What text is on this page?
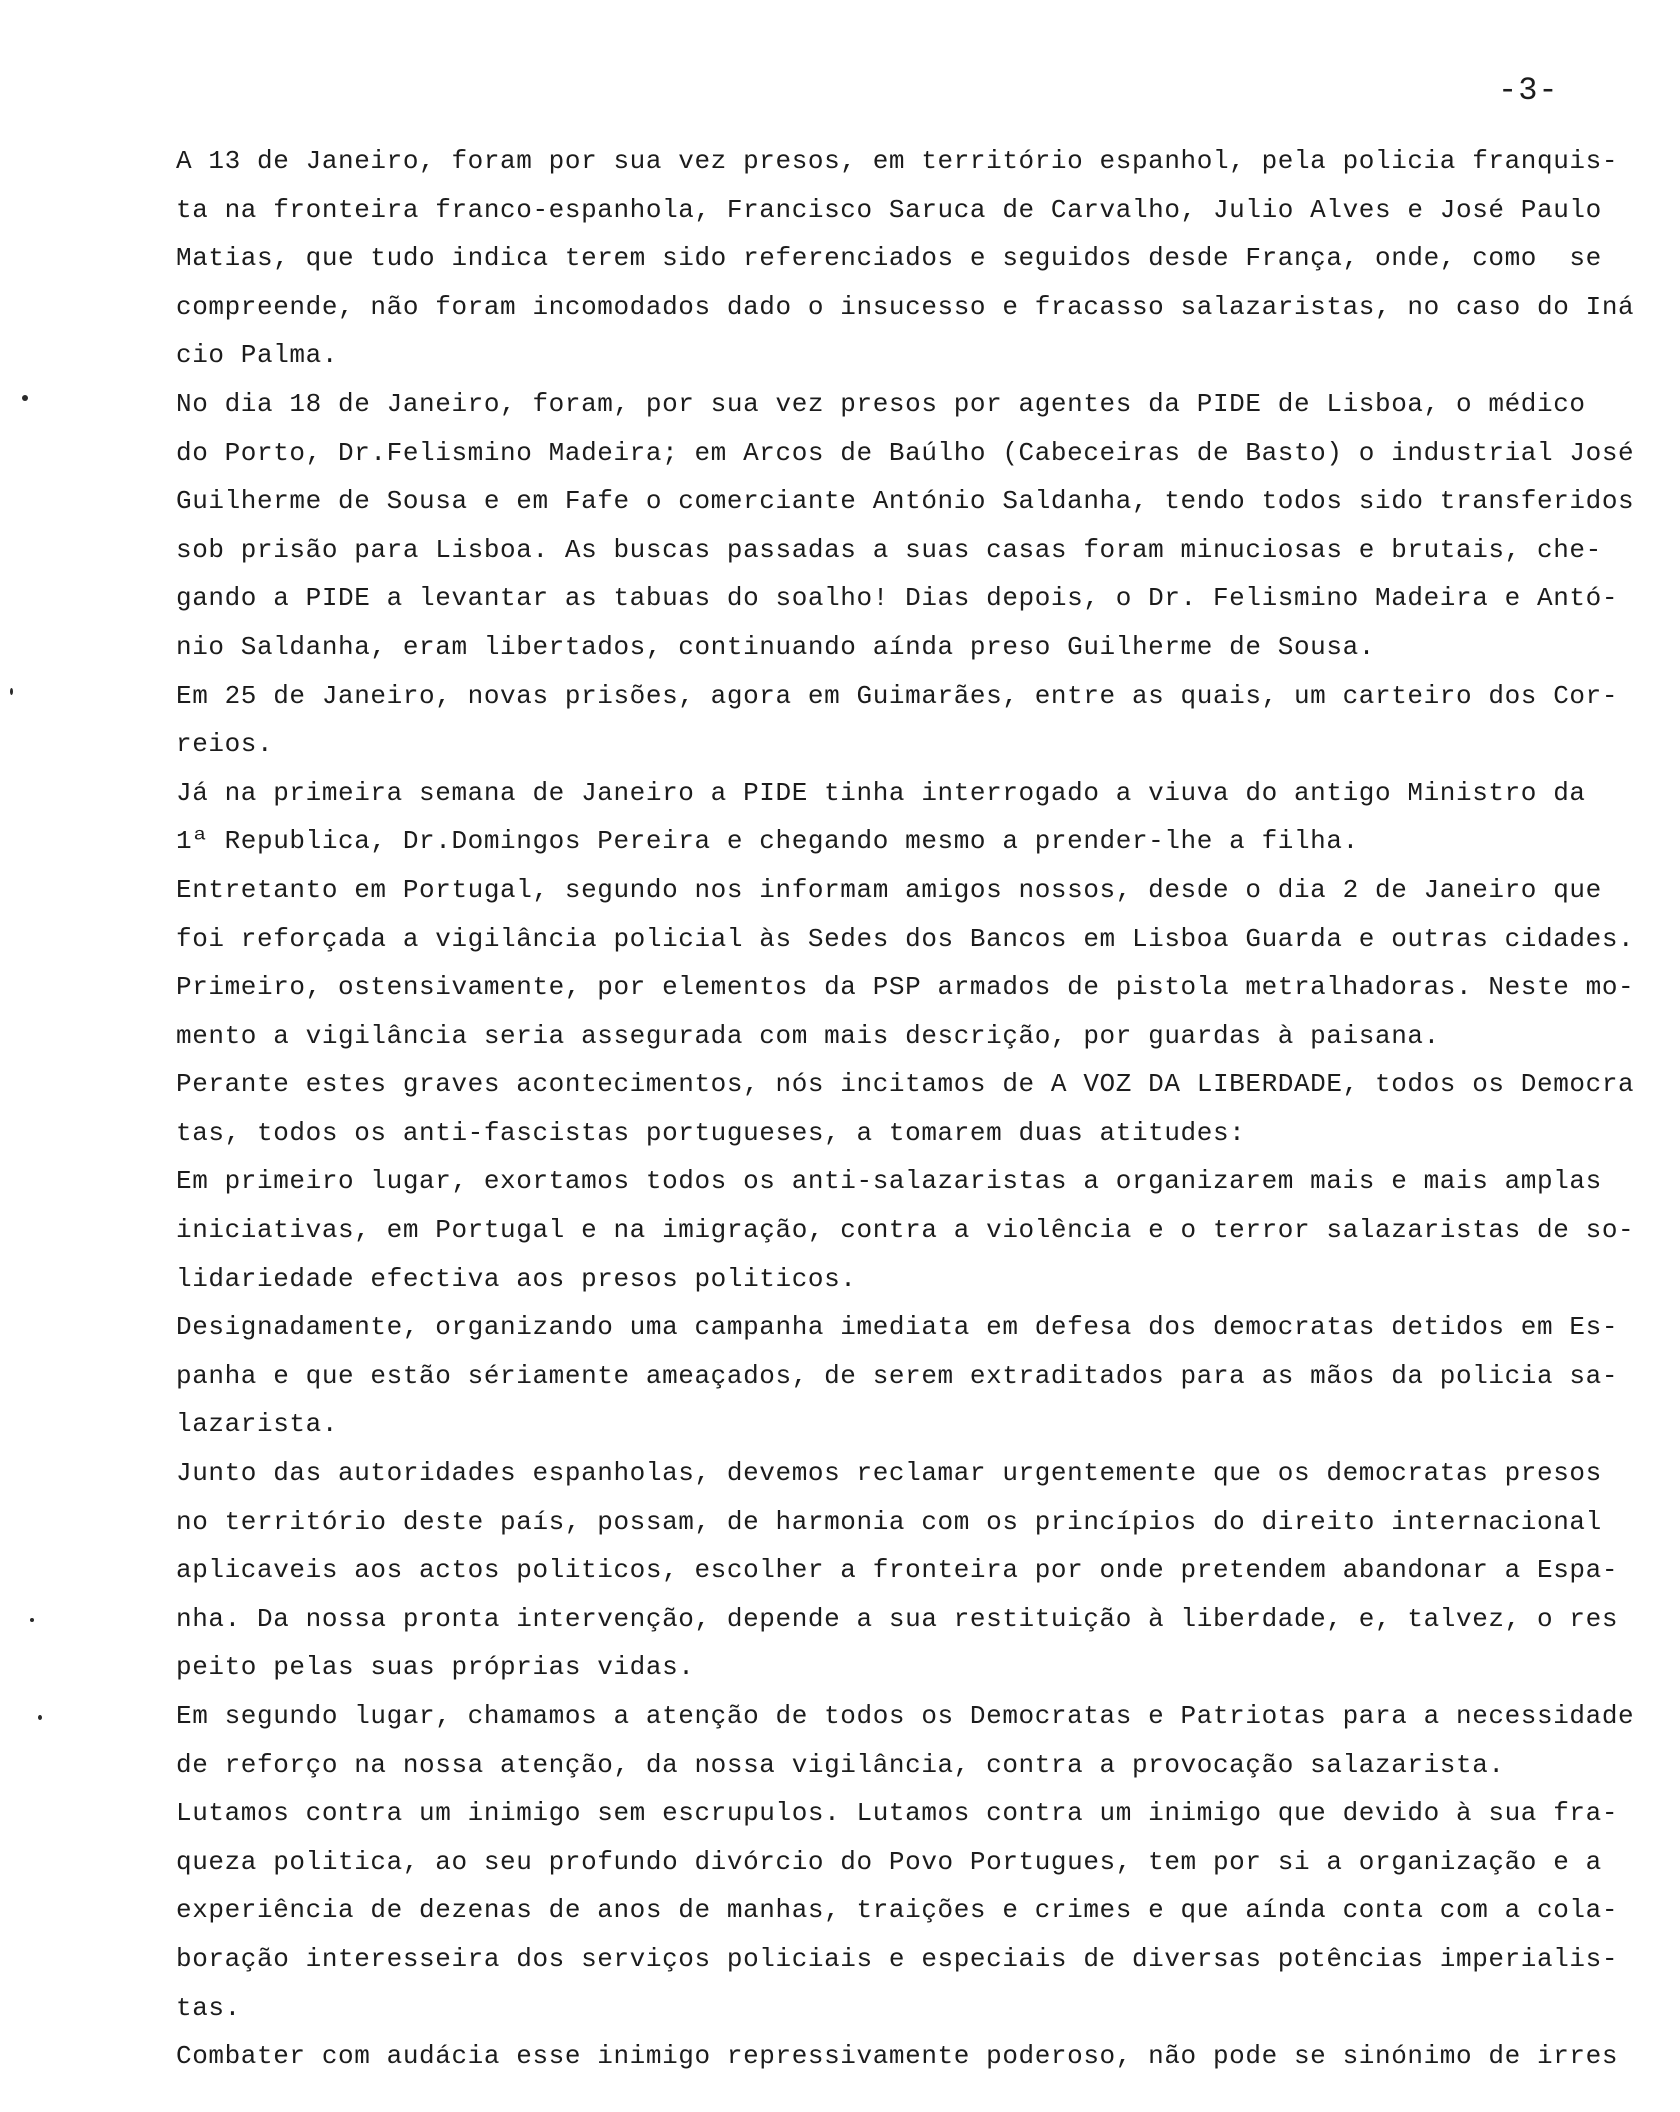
-3-
A 13 de Janeiro, foram por sua vez presos, em território espanhol, pela policia franquis-
ta na fronteira franco-espanhola, Francisco Saruca de Carvalho, Julio Alves e José Paulo
Matias, que tudo indica terem sido referenciados e seguidos desde França, onde, como  se
compreende, não foram incomodados dado o insucesso e fracasso salazaristas, no caso do Iná
cio Palma.
No dia 18 de Janeiro, foram, por sua vez presos por agentes da PIDE de Lisboa, o médico
do Porto, Dr.Felismino Madeira; em Arcos de Baúlho (Cabeceiras de Basto) o industrial José
Guilherme de Sousa e em Fafe o comerciante António Saldanha, tendo todos sido transferidos
sob prisão para Lisboa. As buscas passadas a suas casas foram minuciosas e brutais, che-
gando a PIDE a levantar as tabuas do soalho! Dias depois, o Dr. Felismino Madeira e Antó-
nio Saldanha, eram libertados, continuando aínda preso Guilherme de Sousa.
Em 25 de Janeiro, novas prisões, agora em Guimarães, entre as quais, um carteiro dos Cor-
reios.
Já na primeira semana de Janeiro a PIDE tinha interrogado a viuva do antigo Ministro da
1ª Republica, Dr.Domingos Pereira e chegando mesmo a prender-lhe a filha.
Entretanto em Portugal, segundo nos informam amigos nossos, desde o dia 2 de Janeiro que
foi reforçada a vigilância policial às Sedes dos Bancos em Lisboa Guarda e outras cidades.
Primeiro, ostensivamente, por elementos da PSP armados de pistola metralhadoras. Neste mo-
mento a vigilância seria assegurada com mais descrição, por guardas à paisana.
Perante estes graves acontecimentos, nós incitamos de A VOZ DA LIBERDADE, todos os Democra
tas, todos os anti-fascistas portugueses, a tomarem duas atitudes:
Em primeiro lugar, exortamos todos os anti-salazaristas a organizarem mais e mais amplas
iniciativas, em Portugal e na imigração, contra a violência e o terror salazaristas de so-
lidariedade efectiva aos presos politicos.
Designadamente, organizando uma campanha imediata em defesa dos democratas detidos em Es-
panha e que estão sériamente ameaçados, de serem extraditados para as mãos da policia sa-
lazarista.
Junto das autoridades espanholas, devemos reclamar urgentemente que os democratas presos
no território deste país, possam, de harmonia com os princípios do direito internacional
aplicaveis aos actos politicos, escolher a fronteira por onde pretendem abandonar a Espa-
nha. Da nossa pronta intervenção, depende a sua restituição à liberdade, e, talvez, o res
peito pelas suas próprias vidas.
Em segundo lugar, chamamos a atenção de todos os Democratas e Patriotas para a necessidade
de reforço na nossa atenção, da nossa vigilância, contra a provocação salazarista.
Lutamos contra um inimigo sem escrupulos. Lutamos contra um inimigo que devido à sua fra-
queza politica, ao seu profundo divórcio do Povo Portugues, tem por si a organização e a
experiência de dezenas de anos de manhas, traições e crimes e que aínda conta com a cola-
boração interesseira dos serviços policiais e especiais de diversas potências imperialis-
tas.
Combater com audácia esse inimigo repressivamente poderoso, não pode se sinónimo de irres
